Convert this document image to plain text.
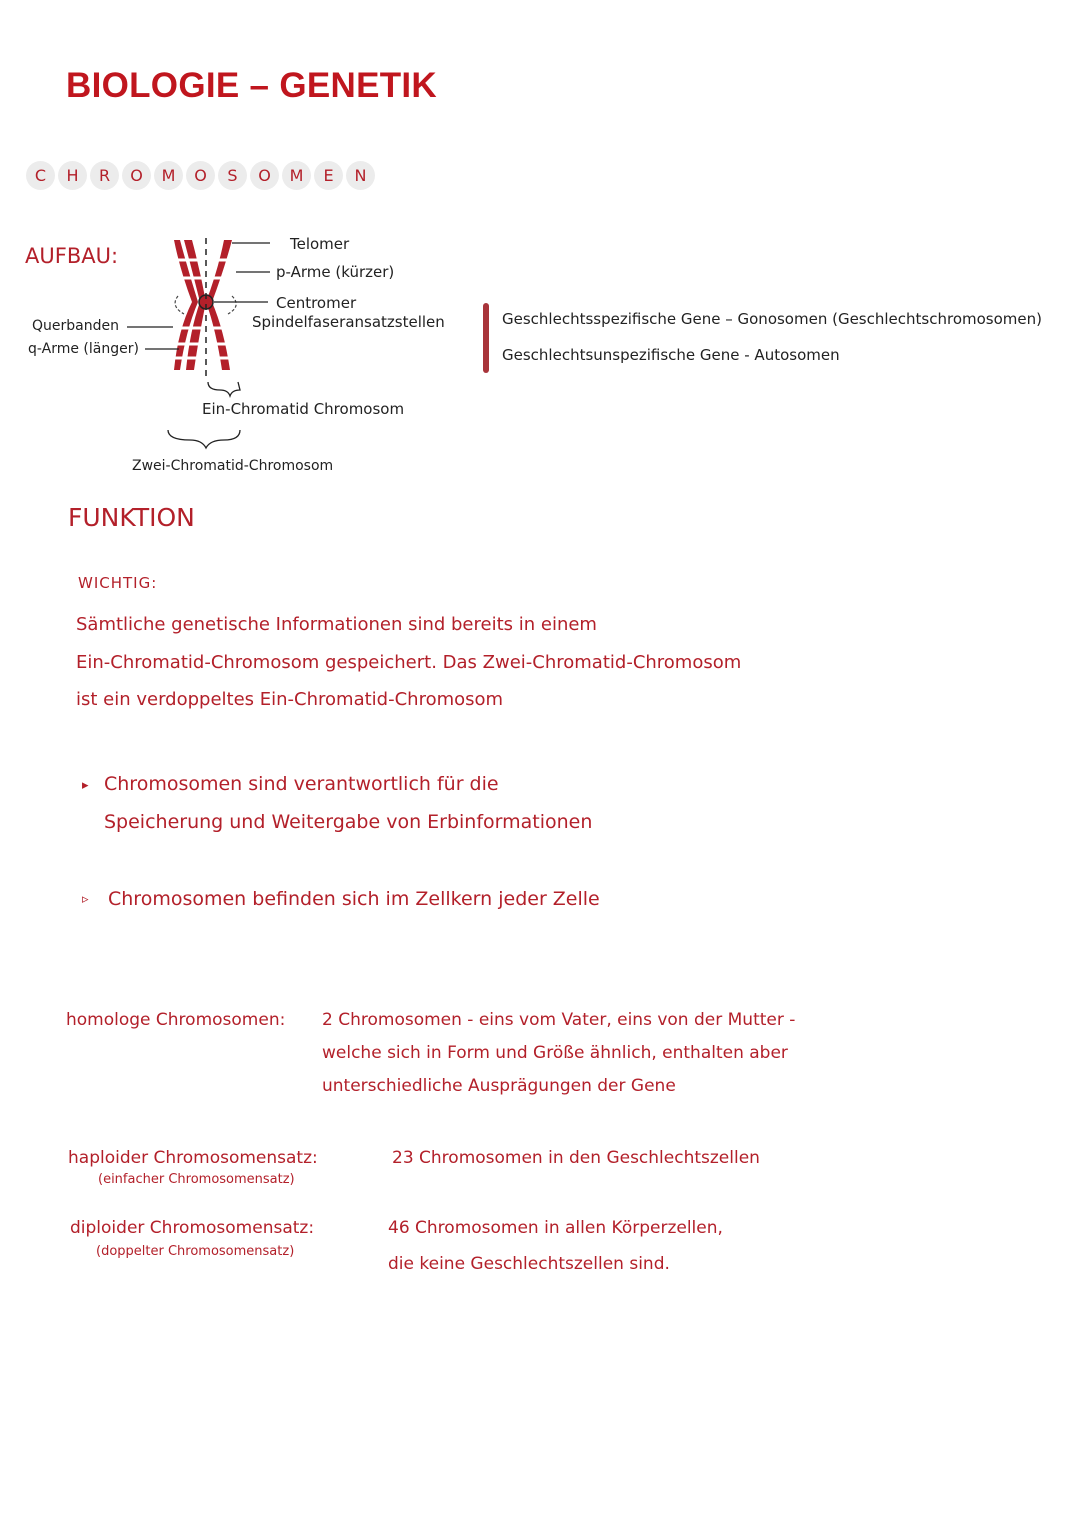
BIOLOGIE – GENETIK
C	H	R	O	M	O	S	O	M	E	N
AUFBAU:	Telomer
p-Arme (kürzer)
Centromer
Spindelfaseransatzstellen
Querbanden
q-Arme (länger)
Ein-Chromatid Chromosom
Zwei-Chromatid-Chromosom
Geschlechtsspezifische Gene – Gonosomen (Geschlechtschromosomen)
Geschlechtsunspezifische Gene - Autosomen
FUNKTION
WICHTIG:
Sämtliche genetische Informationen sind bereits in einem
Ein-Chromatid-Chromosom gespeichert. Das Zwei-Chromatid-Chromosom
ist ein verdoppeltes Ein-Chromatid-Chromosom
▸ Chromosomen sind verantwortlich für die
Speicherung und Weitergabe von Erbinformationen
▹ Chromosomen befinden sich im Zellkern jeder Zelle
homologe Chromosomen: 2 Chromosomen - eins vom Vater, eins von der Mutter -
welche sich in Form und Größe ähnlich, enthalten aber
unterschiedliche Ausprägungen der Gene
haploider Chromosomensatz:
(einfacher Chromosomensatz)
23 Chromosomen in den Geschlechtszellen
diploider Chromosomensatz:
(doppelter Chromosomensatz)
46 Chromosomen in allen Körperzellen,
die keine Geschlechtszellen sind.
